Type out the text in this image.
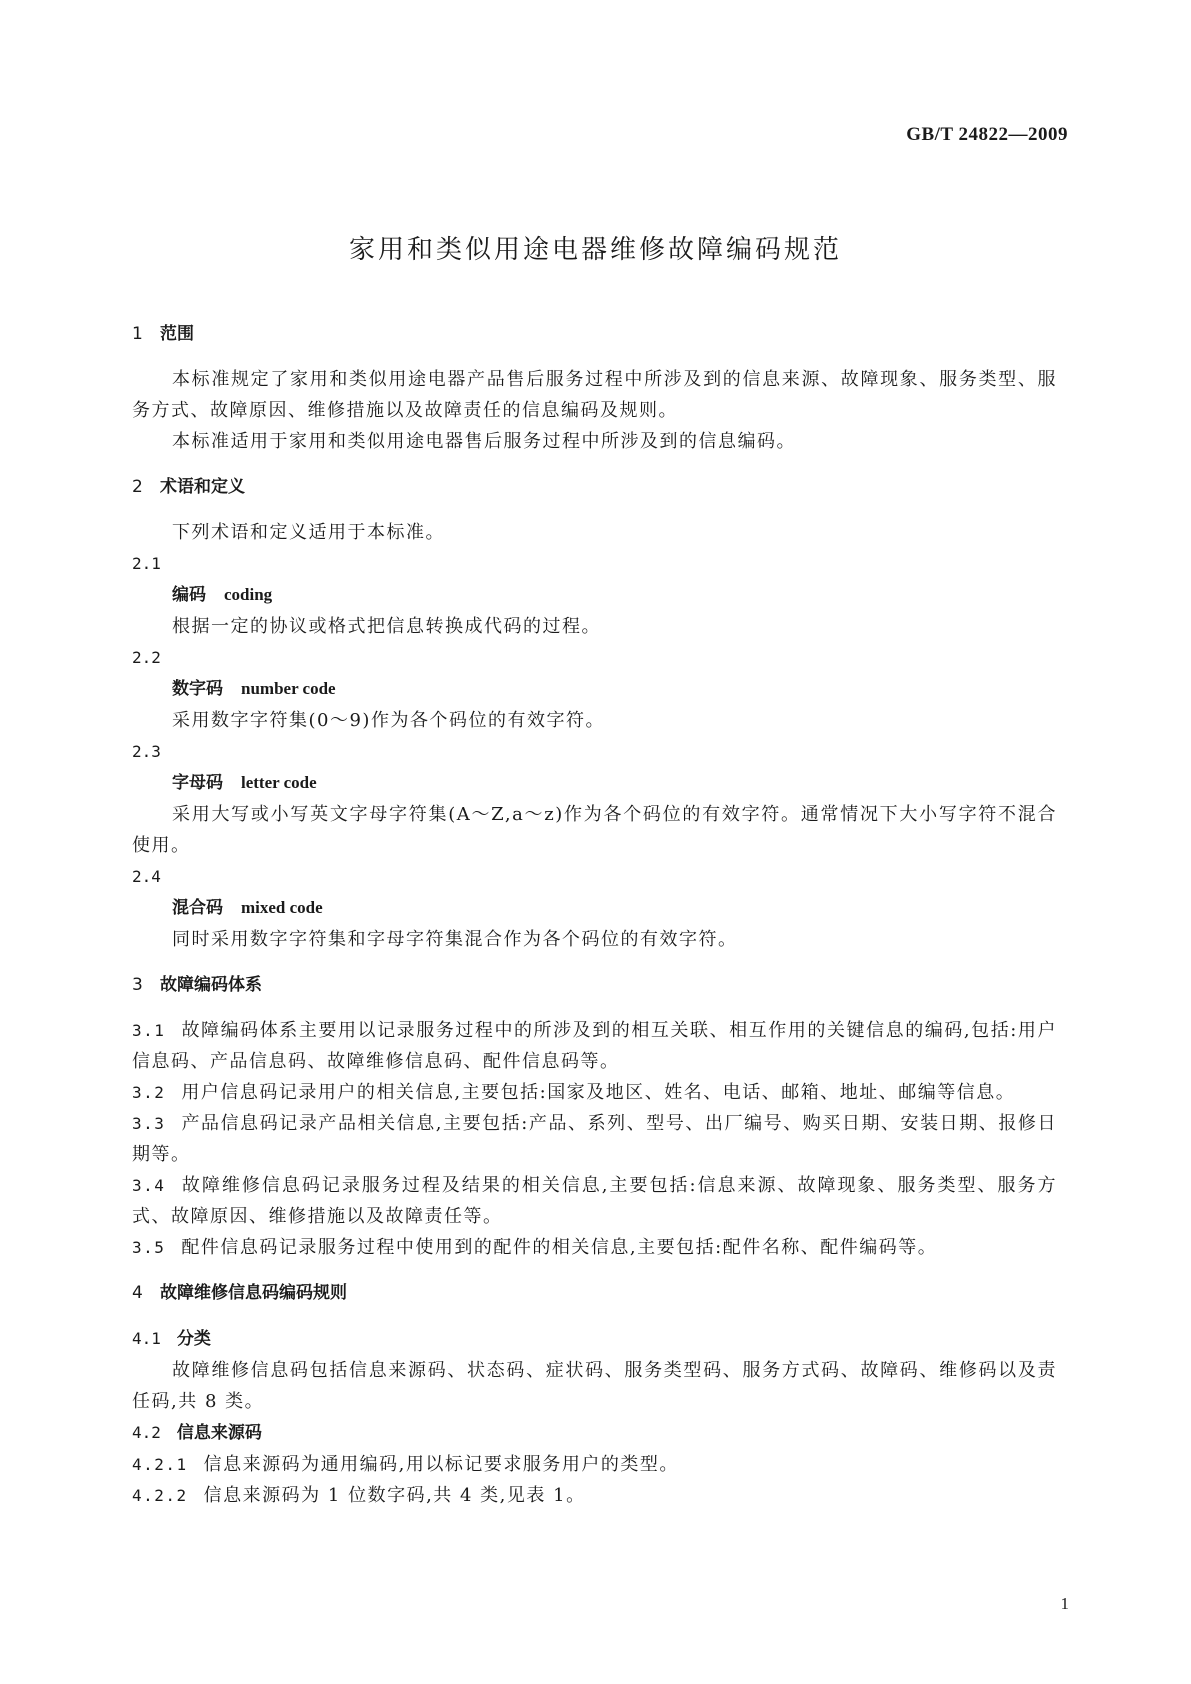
GB/T 24822—2009
家用和类似用途电器维修故障编码规范
1 范围
本标准规定了家用和类似用途电器产品售后服务过程中所涉及到的信息来源、故障现象、服务类型、服务方式、故障原因、维修措施以及故障责任的信息编码及规则。
本标准适用于家用和类似用途电器售后服务过程中所涉及到的信息编码。
2 术语和定义
下列术语和定义适用于本标准。
2.1
编码 coding
根据一定的协议或格式把信息转换成代码的过程。
2.2
数字码 number code
采用数字字符集(0～9)作为各个码位的有效字符。
2.3
字母码 letter code
采用大写或小写英文字母字符集(A～Z,a～z)作为各个码位的有效字符。通常情况下大小写字符不混合使用。
2.4
混合码 mixed code
同时采用数字字符集和字母字符集混合作为各个码位的有效字符。
3 故障编码体系
3.1 故障编码体系主要用以记录服务过程中的所涉及到的相互关联、相互作用的关键信息的编码,包括:用户信息码、产品信息码、故障维修信息码、配件信息码等。
3.2 用户信息码记录用户的相关信息,主要包括:国家及地区、姓名、电话、邮箱、地址、邮编等信息。
3.3 产品信息码记录产品相关信息,主要包括:产品、系列、型号、出厂编号、购买日期、安装日期、报修日期等。
3.4 故障维修信息码记录服务过程及结果的相关信息,主要包括:信息来源、故障现象、服务类型、服务方式、故障原因、维修措施以及故障责任等。
3.5 配件信息码记录服务过程中使用到的配件的相关信息,主要包括:配件名称、配件编码等。
4 故障维修信息码编码规则
4.1 分类
故障维修信息码包括信息来源码、状态码、症状码、服务类型码、服务方式码、故障码、维修码以及责任码,共 8 类。
4.2 信息来源码
4.2.1 信息来源码为通用编码,用以标记要求服务用户的类型。
4.2.2 信息来源码为 1 位数字码,共 4 类,见表 1。
1
